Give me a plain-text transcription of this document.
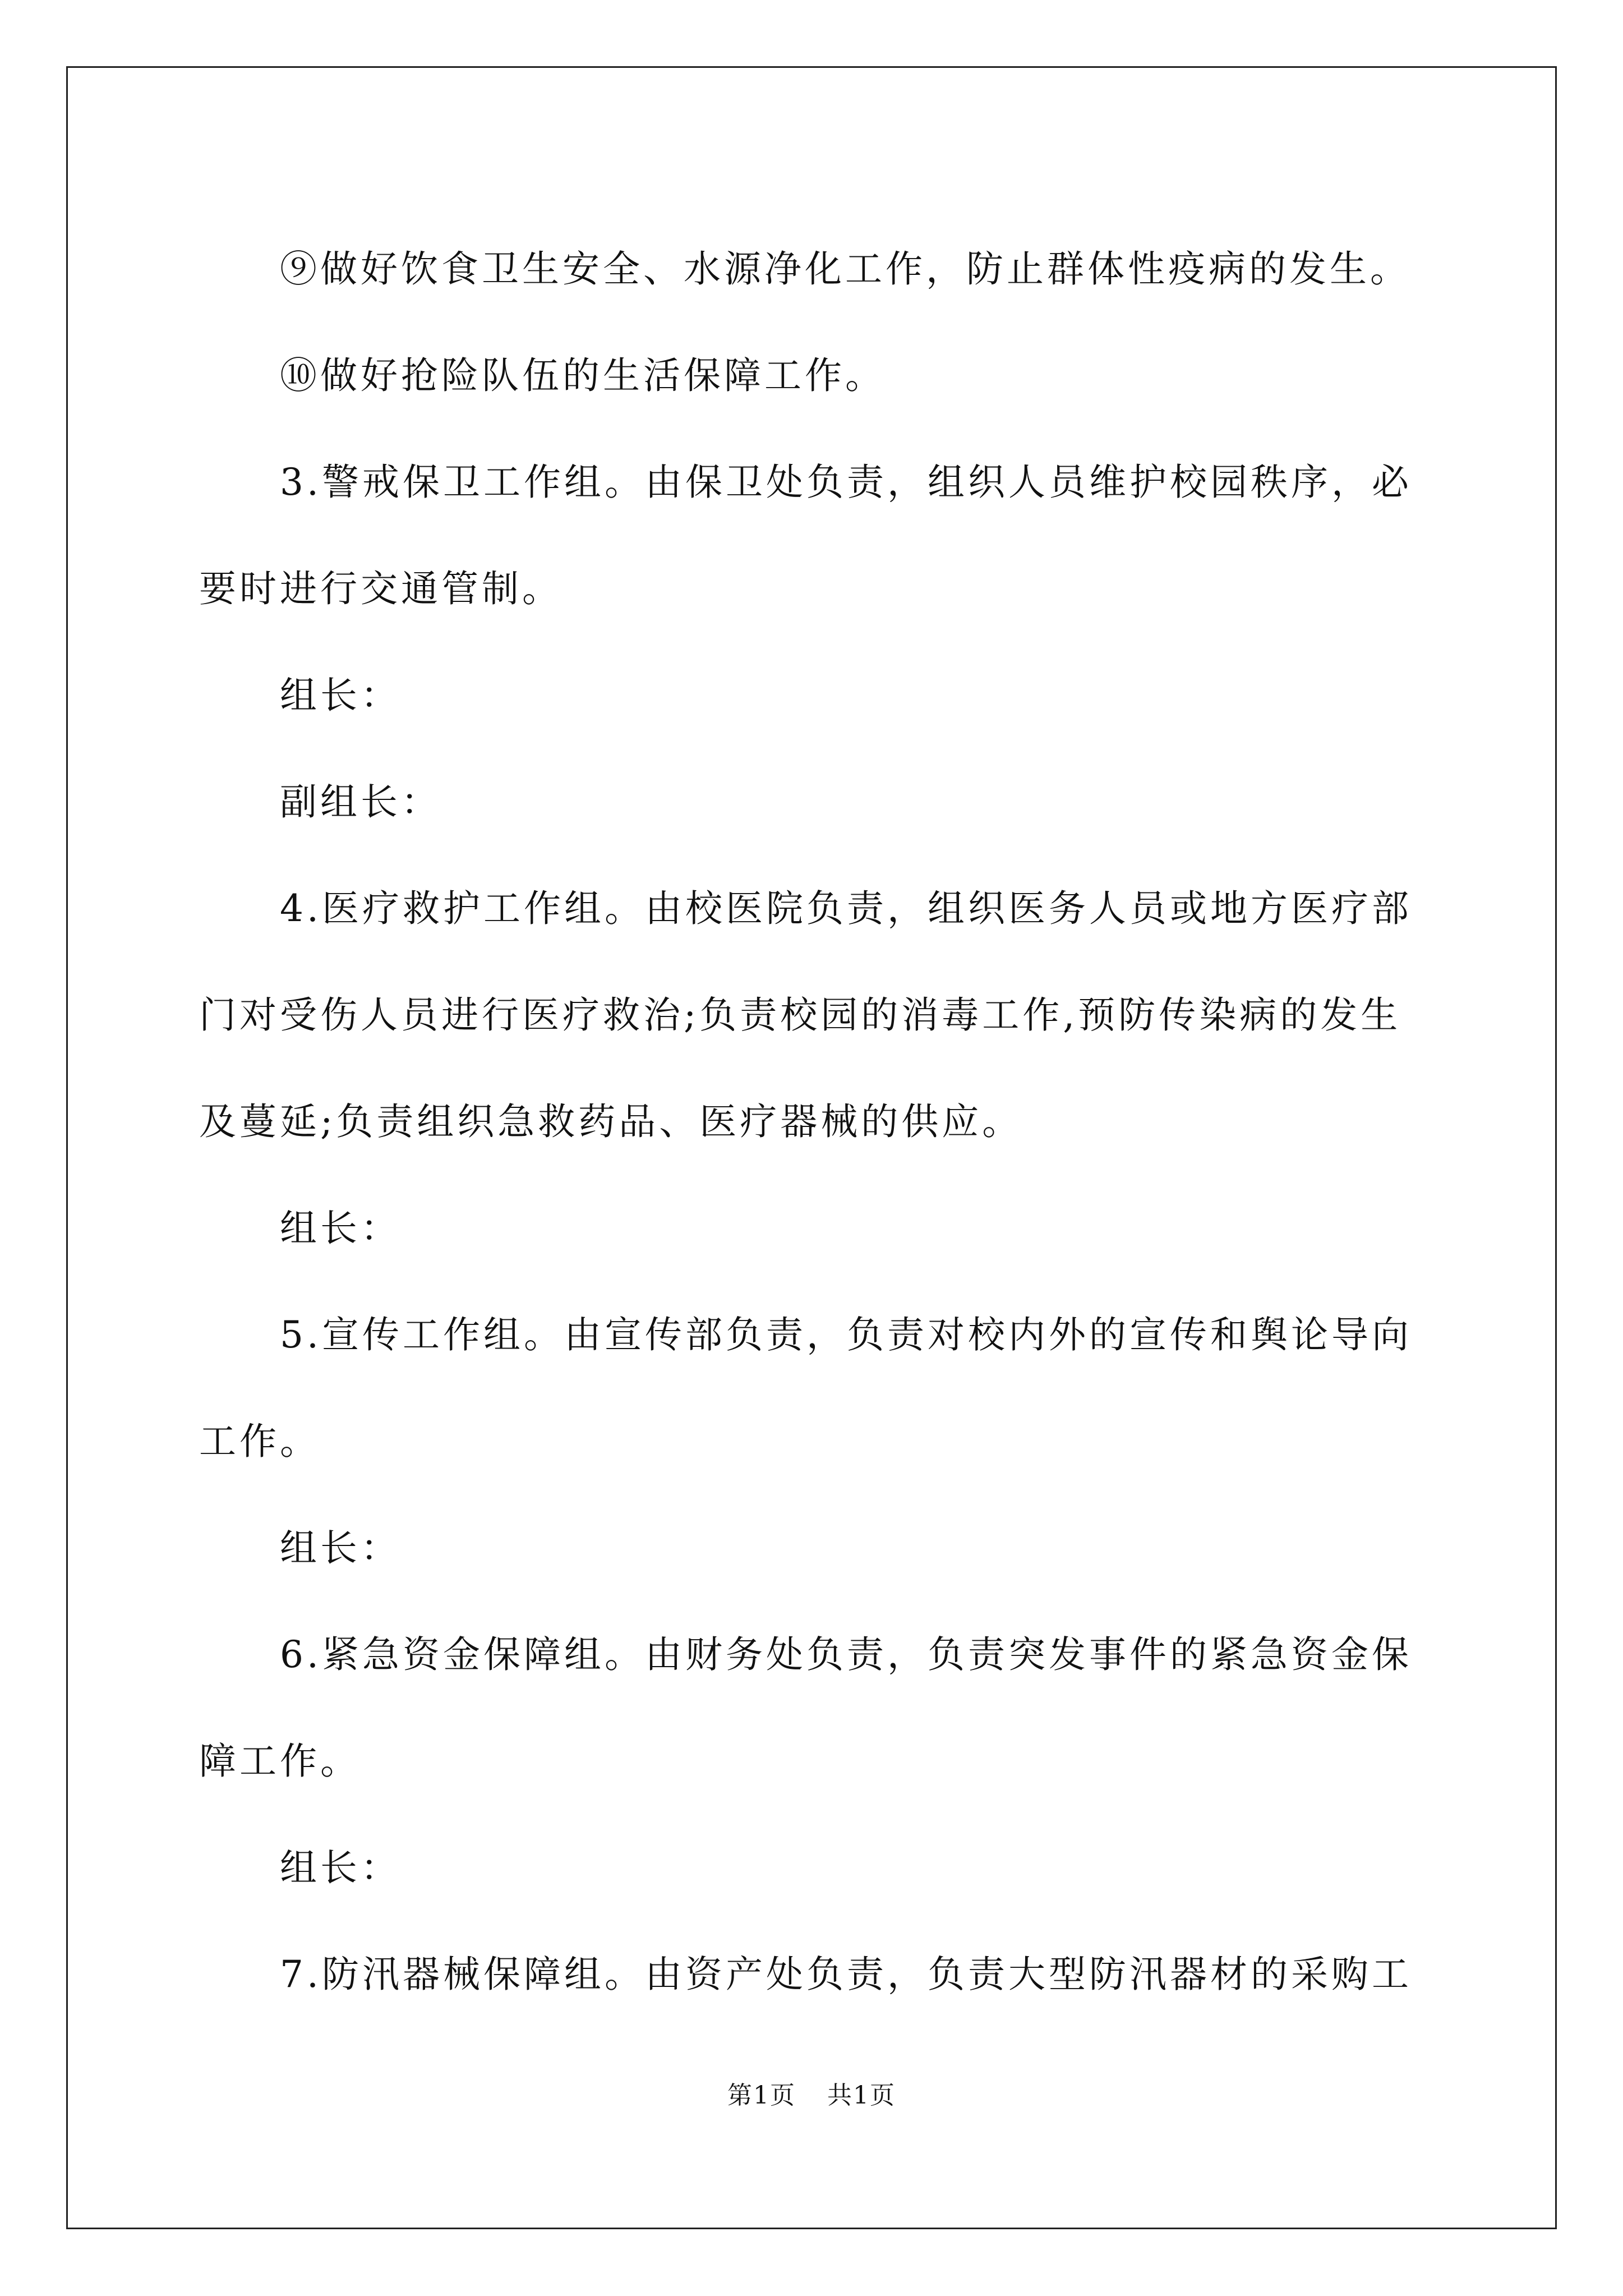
⑨做好饮食卫生安全、水源净化工作，防止群体性疫病的发生。

⑩做好抢险队伍的生活保障工作。

3.警戒保卫工作组。由保卫处负责，组织人员维护校园秩序，必
要时进行交通管制。

组长：

副组长：

4.医疗救护工作组。由校医院负责，组织医务人员或地方医疗部
门对受伤人员进行医疗救治;负责校园的消毒工作,预防传染病的发生
及蔓延;负责组织急救药品、医疗器械的供应。

组长：

5.宣传工作组。由宣传部负责，负责对校内外的宣传和舆论导向
工作。

组长：

6.紧急资金保障组。由财务处负责，负责突发事件的紧急资金保
障工作。

组长：

7.防汛器械保障组。由资产处负责，负责大型防汛器材的采购工

第1页 共1页
